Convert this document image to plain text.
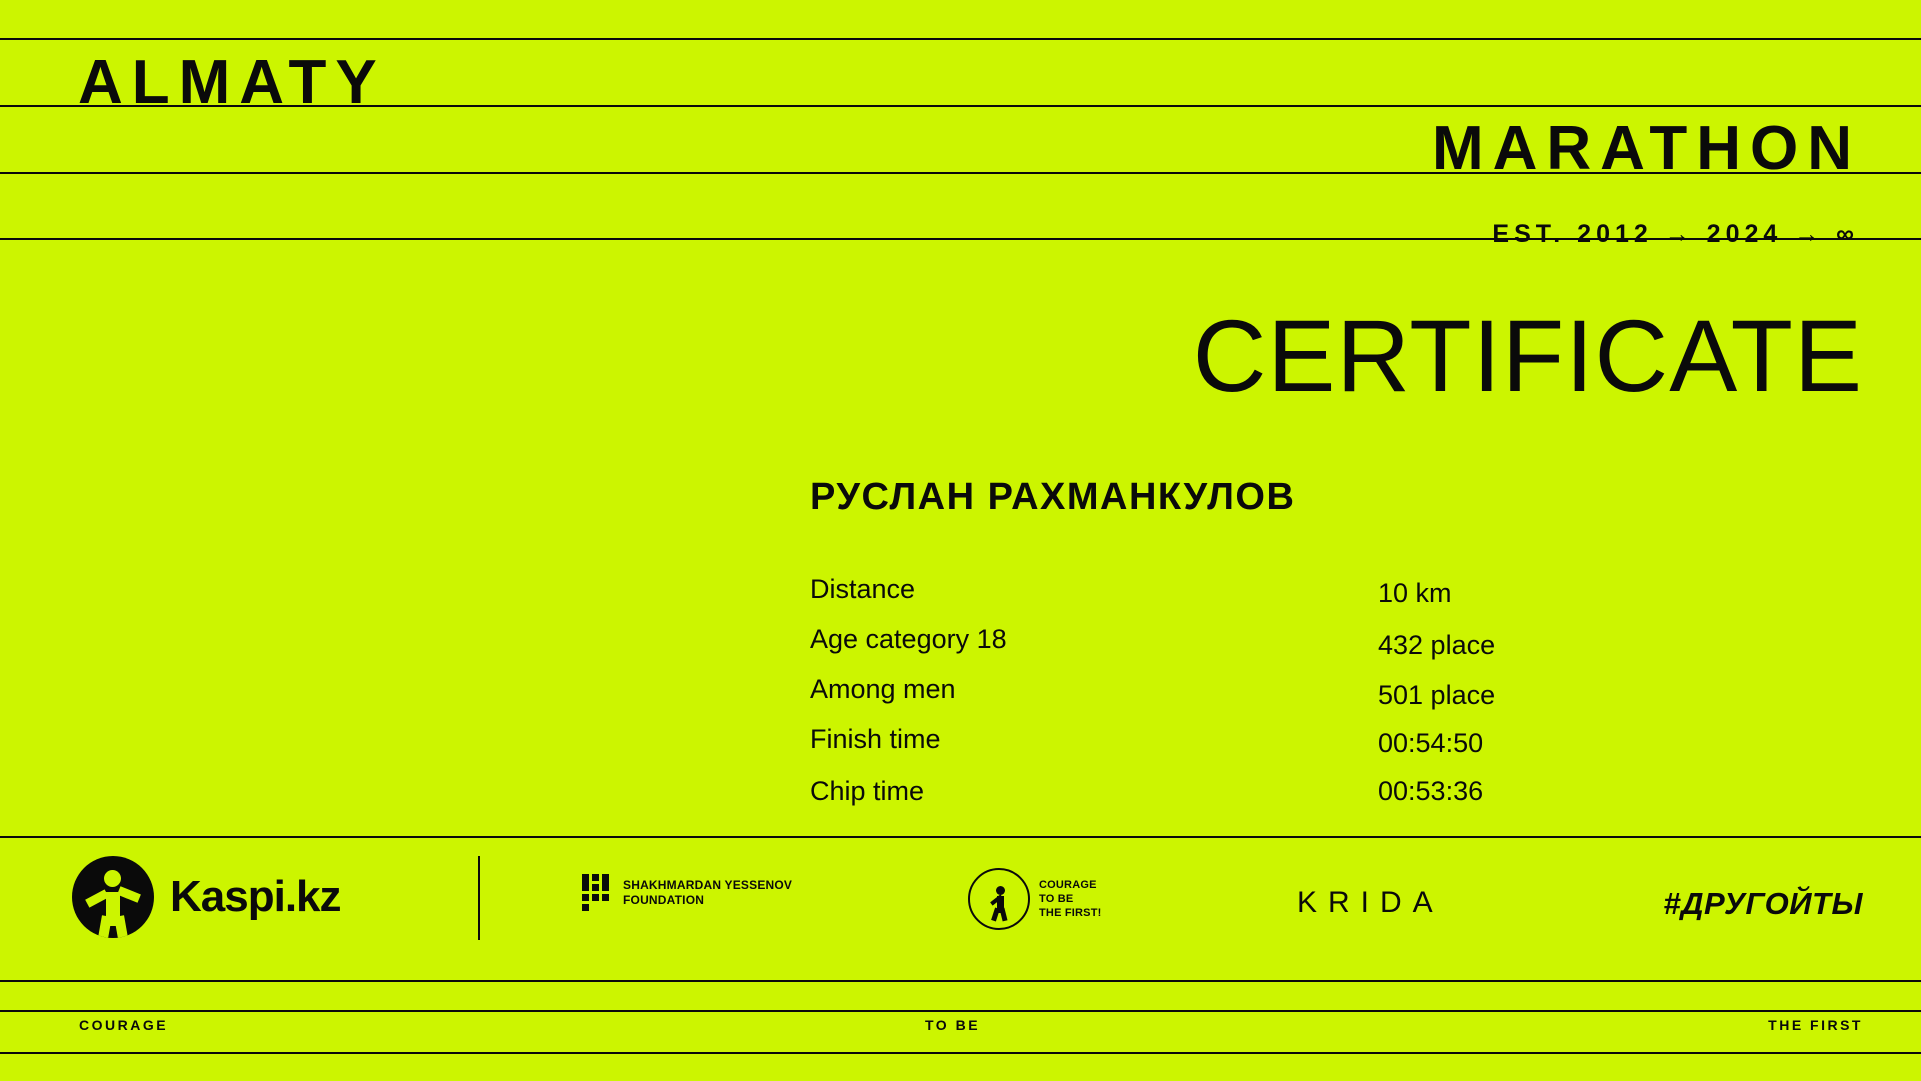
ALMATY
MARATHON
EST. 2012 → 2024 → ∞
CERTIFICATE
РУСЛАН РАХМАНКУЛОВ
Distance	10 km
Age category 18	432 place
Among men	501 place
Finish time	00:54:50
Chip time	00:53:36
Kaspi.kz	SHAKHMARDAN YESSENOV
FOUNDATION
COURAGE
TO BE
THE FIRST!	KRIDA	#ДРУГОЙТЫ
COURAGE	TO BE	THE FIRST
